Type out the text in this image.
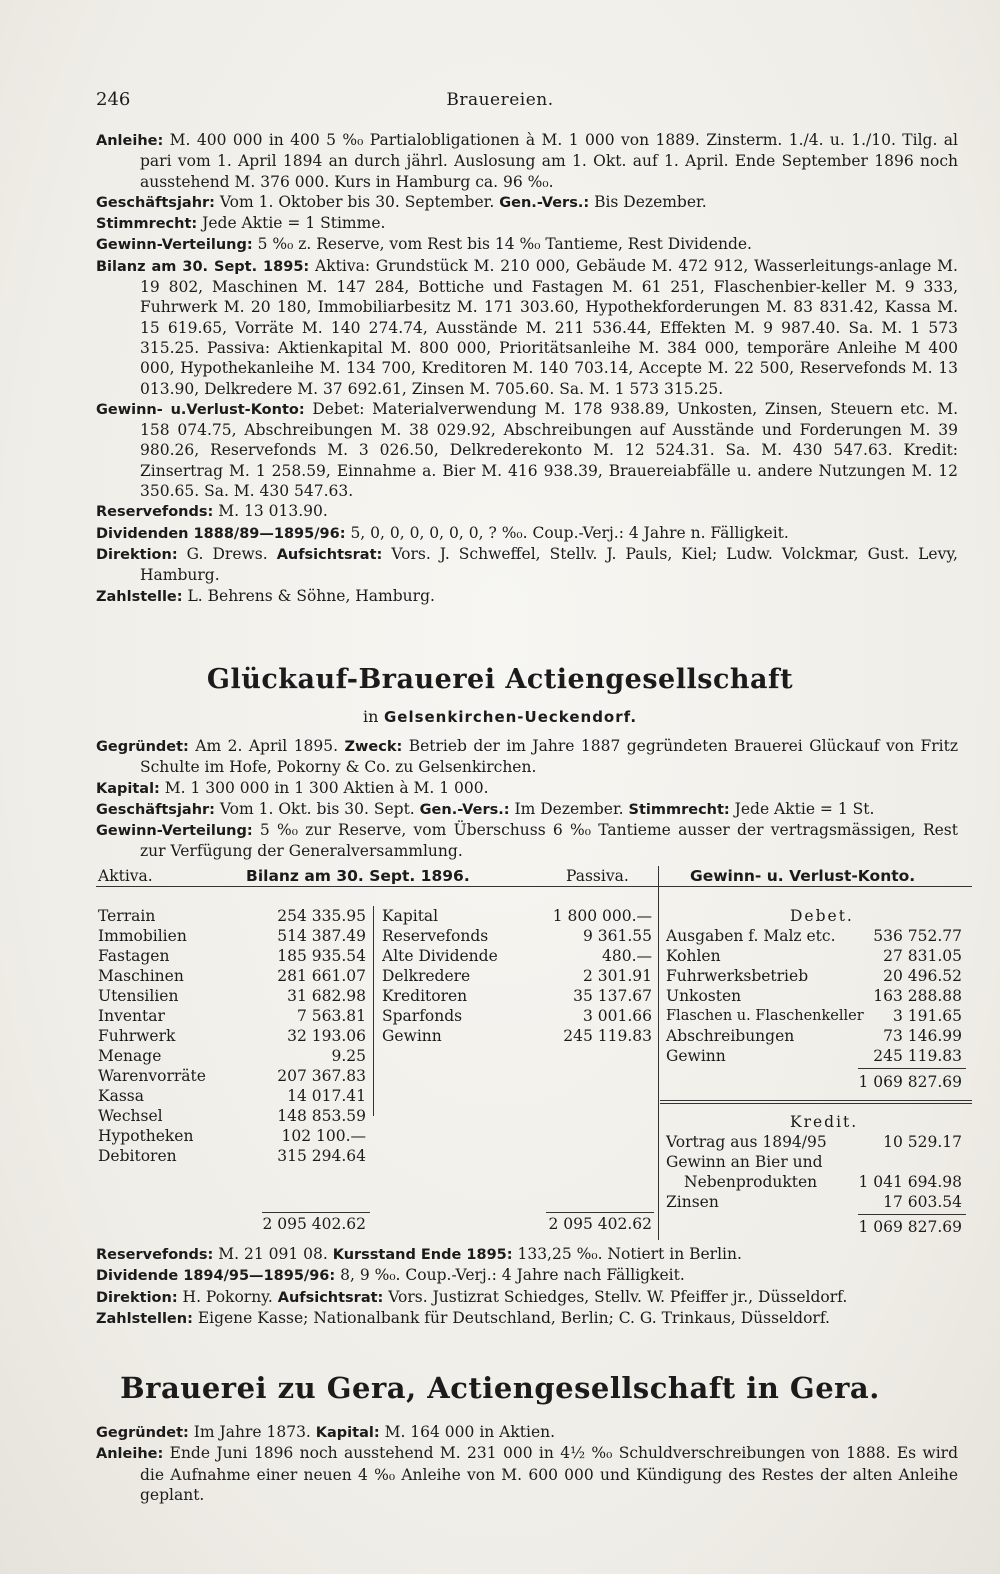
246	Brauereien.

Anleihe: M. 400 000 in 400 5 %₀ Partialobligationen à M. 1 000 von 1889. Zinsterm. 1./4. u. 1./10. Tilg. al pari vom 1. April 1894 an durch jährl. Auslosung am 1. Okt. auf 1. April. Ende September 1896 noch ausstehend M. 376 000. Kurs in Hamburg ca. 96 %₀.

Geschäftsjahr: Vom 1. Oktober bis 30. September. Gen.-Vers.: Bis Dezember.

Stimmrecht: Jede Aktie = 1 Stimme.

Gewinn-Verteilung: 5 %₀ z. Reserve, vom Rest bis 14 %₀ Tantieme, Rest Dividende.

Bilanz am 30. Sept. 1895: Aktiva: Grundstück M. 210 000, Gebäude M. 472 912, Wasserleitungs-anlage M. 19 802, Maschinen M. 147 284, Bottiche und Fastagen M. 61 251, Flaschenbier-keller M. 9 333, Fuhrwerk M. 20 180, Immobiliarbesitz M. 171 303.60, Hypothekforderungen M. 83 831.42, Kassa M. 15 619.65, Vorräte M. 140 274.74, Ausstände M. 211 536.44, Effekten M. 9 987.40. Sa. M. 1 573 315.25. Passiva: Aktienkapital M. 800 000, Prioritätsanleihe M. 384 000, temporäre Anleihe M 400 000, Hypothekanleihe M. 134 700, Kreditoren M. 140 703.14, Accepte M. 22 500, Reservefonds M. 13 013.90, Delkredere M. 37 692.61, Zinsen M. 705.60. Sa. M. 1 573 315.25.

Gewinn- u.Verlust-Konto: Debet: Materialverwendung M. 178 938.89, Unkosten, Zinsen, Steuern etc. M. 158 074.75, Abschreibungen M. 38 029.92, Abschreibungen auf Ausstände und Forderungen M. 39 980.26, Reservefonds M. 3 026.50, Delkrederekonto M. 12 524.31. Sa. M. 430 547.63. Kredit: Zinsertrag M. 1 258.59, Einnahme a. Bier M. 416 938.39, Brauereiabfälle u. andere Nutzungen M. 12 350.65. Sa. M. 430 547.63.

Reservefonds: M. 13 013.90.

Dividenden 1888/89—1895/96: 5, 0, 0, 0, 0, 0, 0, ? %₀. Coup.-Verj.: 4 Jahre n. Fälligkeit.

Direktion: G. Drews. Aufsichtsrat: Vors. J. Schweffel, Stellv. J. Pauls, Kiel; Ludw. Volckmar, Gust. Levy, Hamburg.

Zahlstelle: L. Behrens & Söhne, Hamburg.

Glückauf-Brauerei Actiengesellschaft
in Gelsenkirchen-Ueckendorf.

Gegründet: Am 2. April 1895. Zweck: Betrieb der im Jahre 1887 gegründeten Brauerei Glückauf von Fritz Schulte im Hofe, Pokorny & Co. zu Gelsenkirchen.

Kapital: M. 1 300 000 in 1 300 Aktien à M. 1 000.

Geschäftsjahr: Vom 1. Okt. bis 30. Sept. Gen.-Vers.: Im Dezember. Stimmrecht: Jede Aktie = 1 St.

Gewinn-Verteilung: 5 %₀ zur Reserve, vom Überschuss 6 %₀ Tantieme ausser der vertragsmässigen, Rest zur Verfügung der Generalversammlung.

Aktiva.	Bilanz am 30. Sept. 1896.	Passiva.	Gewinn- u. Verlust-Konto.
Terrain	254 335.95
Immobilien	514 387.49
Fastagen	185 935.54
Maschinen	281 661.07
Utensilien	31 682.98
Inventar	7 563.81
Fuhrwerk	32 193.06
Menage	9.25
Warenvorräte	207 367.83
Kassa	14 017.41
Wechsel	148 853.59
Hypotheken	102 100.—
Debitoren	315 294.64
2 095 402.62
Kapital	1 800 000.—
Reservefonds	9 361.55
Alte Dividende	480.—
Delkredere	2 301.91
Kreditoren	35 137.67
Sparfonds	3 001.66
Gewinn	245 119.83
2 095 402.62
Debet.
Ausgaben f. Malz etc.	536 752.77
Kohlen	27 831.05
Fuhrwerksbetrieb	20 496.52
Unkosten	163 288.88
Flaschen u. Flaschenkeller	3 191.65
Abschreibungen	73 146.99
Gewinn	245 119.83
1 069 827.69
Kredit.
Vortrag aus 1894/95	10 529.17
Gewinn an Bier und
Nebenprodukten	1 041 694.98
Zinsen	17 603.54
1 069 827.69

Reservefonds: M. 21 091 08. Kursstand Ende 1895: 133,25 %₀. Notiert in Berlin.

Dividende 1894/95—1895/96: 8, 9 %₀. Coup.-Verj.: 4 Jahre nach Fälligkeit.

Direktion: H. Pokorny. Aufsichtsrat: Vors. Justizrat Schiedges, Stellv. W. Pfeiffer jr., Düsseldorf.

Zahlstellen: Eigene Kasse; Nationalbank für Deutschland, Berlin; C. G. Trinkaus, Düsseldorf.

Brauerei zu Gera, Actiengesellschaft in Gera.

Gegründet: Im Jahre 1873. Kapital: M. 164 000 in Aktien.

Anleihe: Ende Juni 1896 noch ausstehend M. 231 000 in 4½ %₀ Schuldverschreibungen von 1888. Es wird die Aufnahme einer neuen 4 %₀ Anleihe von M. 600 000 und Kündigung des Restes der alten Anleihe geplant.
